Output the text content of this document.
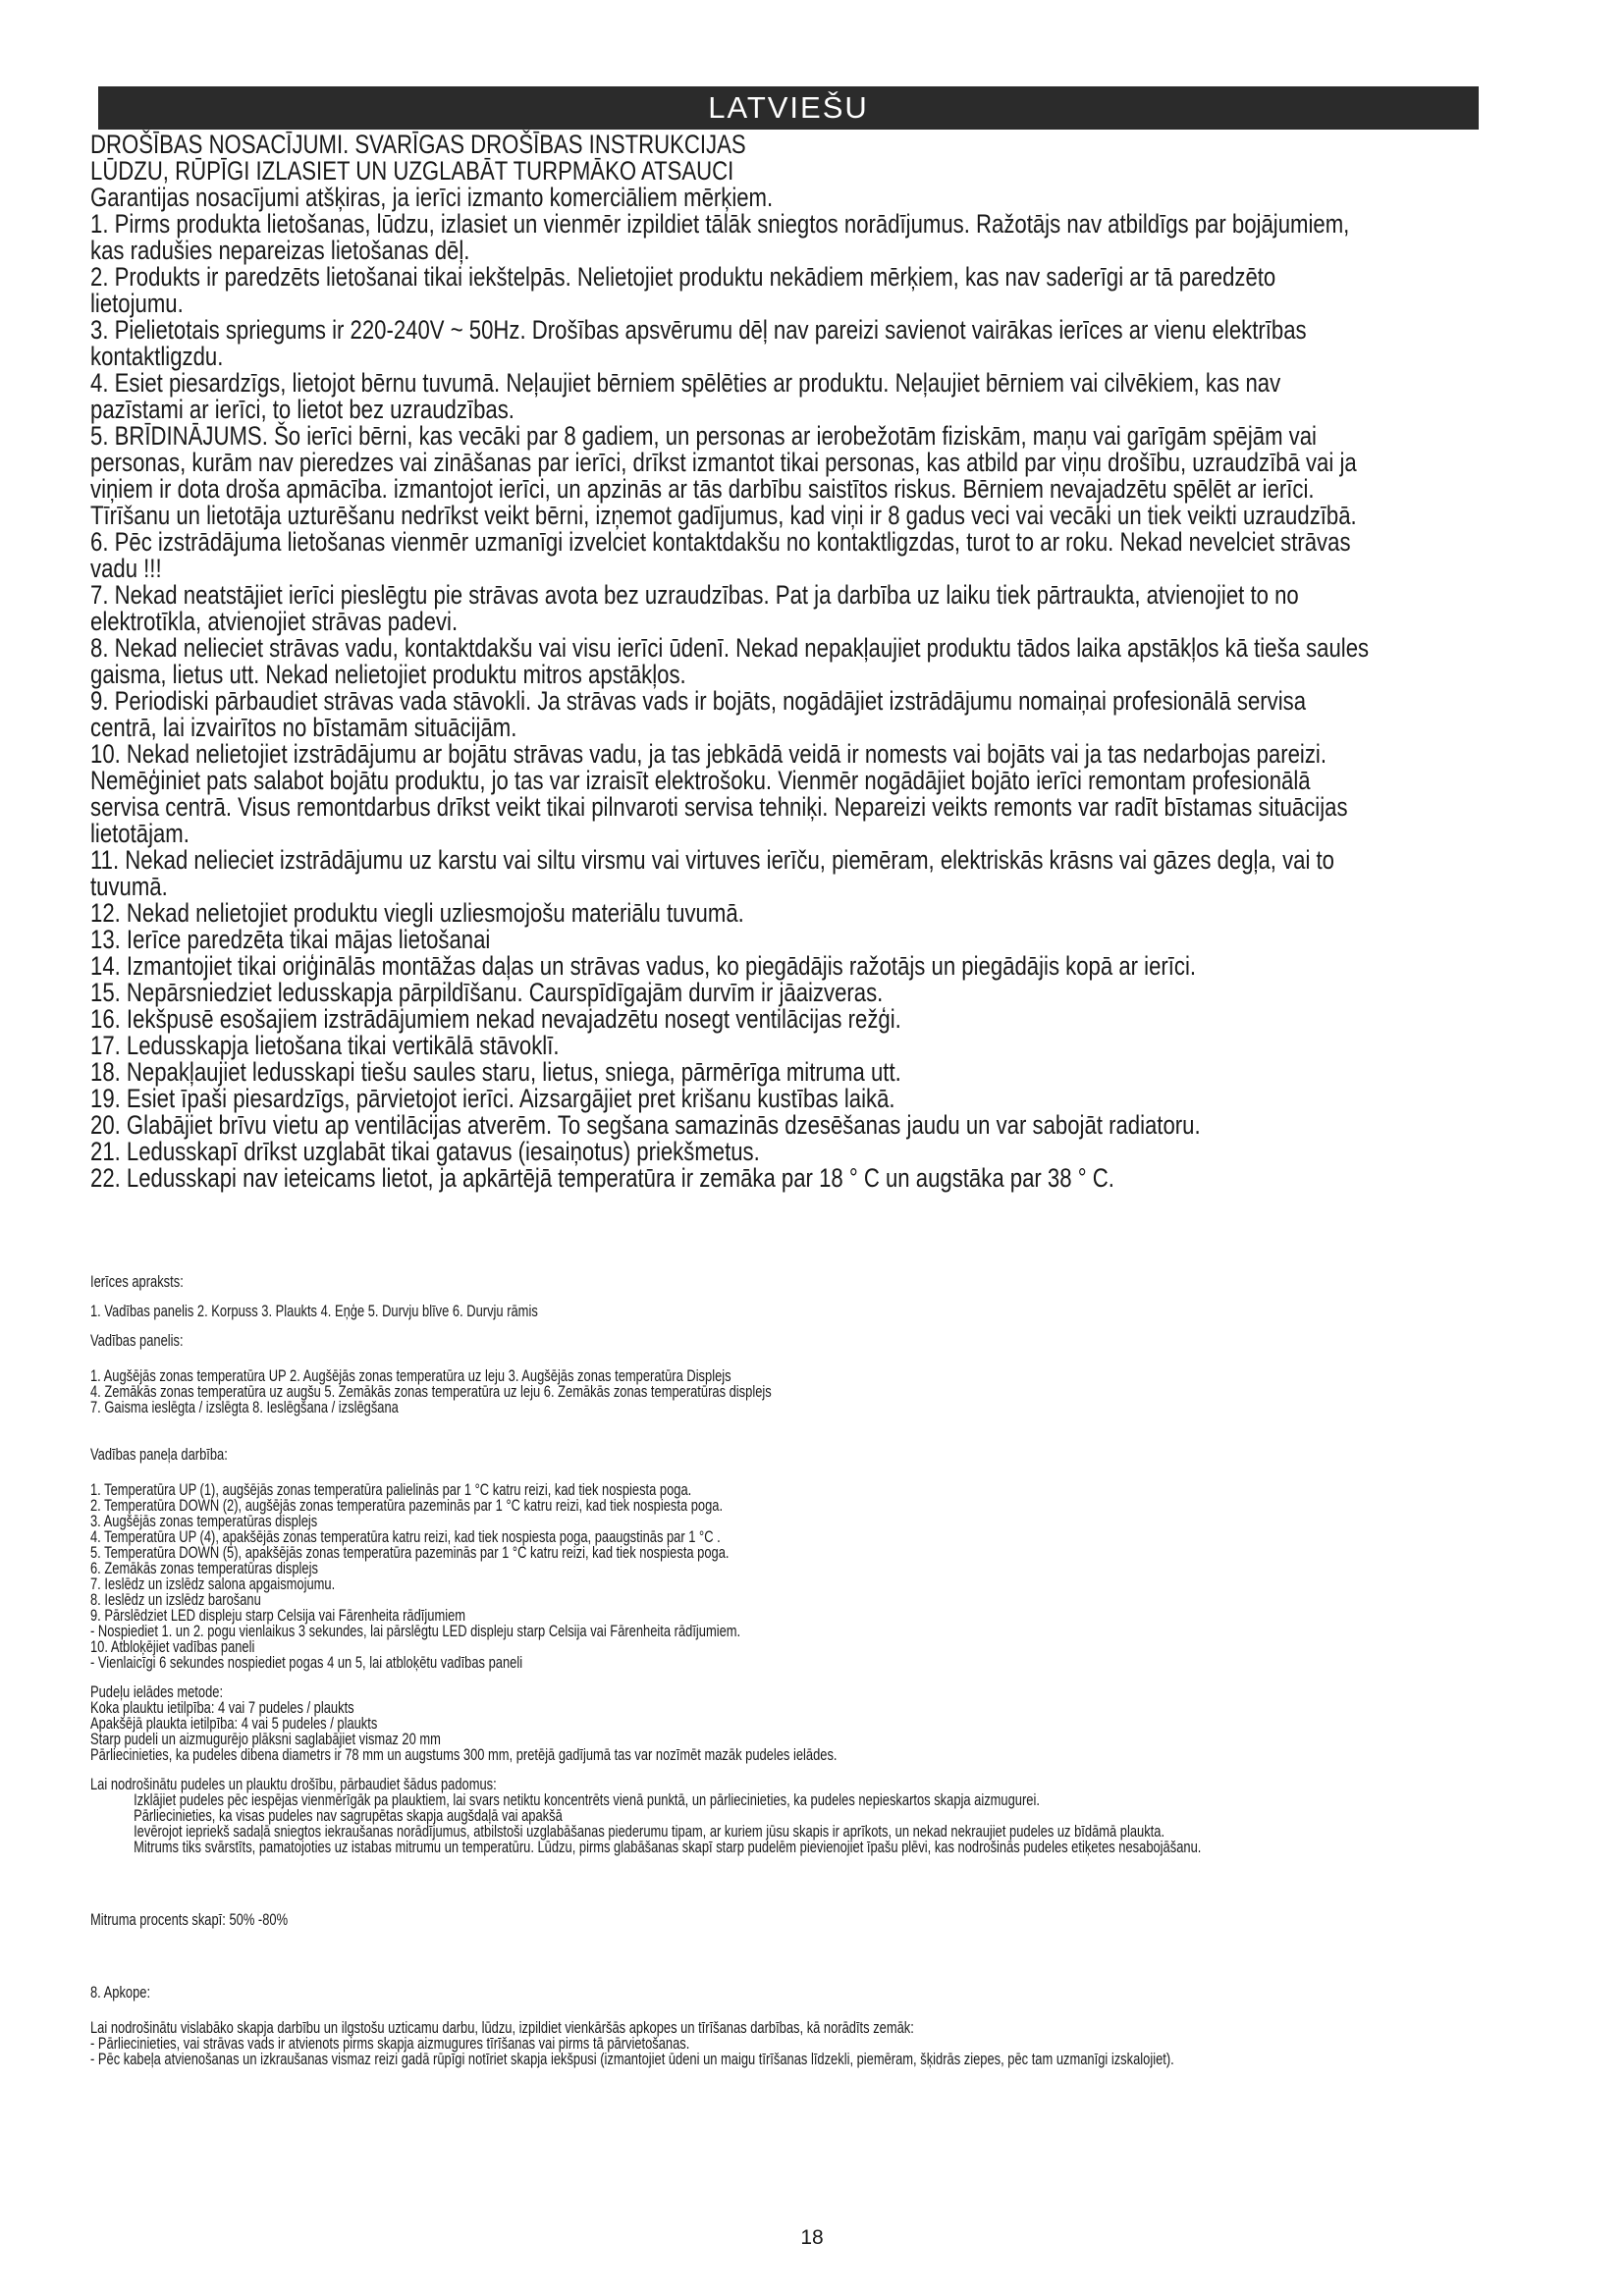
LATVIEŠU
DROŠĪBAS NOSACĪJUMI. SVARĪGAS DROŠĪBAS INSTRUKCIJAS
LŪDZU, RŪPĪGI IZLASIET UN UZGLABĀT TURPMĀKO ATSAUCI
Garantijas nosacījumi atšķiras, ja ierīci izmanto komerciāliem mērķiem.
1. Pirms produkta lietošanas, lūdzu, izlasiet un vienmēr izpildiet tālāk sniegtos norādījumus. Ražotājs nav atbildīgs par bojājumiem,
kas radušies nepareizas lietošanas dēļ.
2. Produkts ir paredzēts lietošanai tikai iekštelpās. Nelietojiet produktu nekādiem mērķiem, kas nav saderīgi ar tā paredzēto
lietojumu.
3. Pielietotais spriegums ir 220-240V ~ 50Hz. Drošības apsvērumu dēļ nav pareizi savienot vairākas ierīces ar vienu elektrības
kontaktligzdu.
4. Esiet piesardzīgs, lietojot bērnu tuvumā. Neļaujiet bērniem spēlēties ar produktu. Neļaujiet bērniem vai cilvēkiem, kas nav
pazīstami ar ierīci, to lietot bez uzraudzības.
5. BRĪDINĀJUMS. Šo ierīci bērni, kas vecāki par 8 gadiem, un personas ar ierobežotām fiziskām, maņu vai garīgām spējām vai
personas, kurām nav pieredzes vai zināšanas par ierīci, drīkst izmantot tikai personas, kas atbild par viņu drošību, uzraudzībā vai ja
viņiem ir dota droša apmācība. izmantojot ierīci, un apzinās ar tās darbību saistītos riskus. Bērniem nevajadzētu spēlēt ar ierīci.
Tīrīšanu un lietotāja uzturēšanu nedrīkst veikt bērni, izņemot gadījumus, kad viņi ir 8 gadus veci vai vecāki un tiek veikti uzraudzībā.
6. Pēc izstrādājuma lietošanas vienmēr uzmanīgi izvelciet kontaktdakšu no kontaktligzdas, turot to ar roku. Nekad nevelciet strāvas
vadu !!!
7. Nekad neatstājiet ierīci pieslēgtu pie strāvas avota bez uzraudzības. Pat ja darbība uz laiku tiek pārtraukta, atvienojiet to no
elektrotīkla, atvienojiet strāvas padevi.
8. Nekad nelieciet strāvas vadu, kontaktdakšu vai visu ierīci ūdenī. Nekad nepakļaujiet produktu tādos laika apstākļos kā tieša saules
gaisma, lietus utt. Nekad nelietojiet produktu mitros apstākļos.
9. Periodiski pārbaudiet strāvas vada stāvokli. Ja strāvas vads ir bojāts, nogādājiet izstrādājumu nomaiņai profesionālā servisa
centrā, lai izvairītos no bīstamām situācijām.
10. Nekad nelietojiet izstrādājumu ar bojātu strāvas vadu, ja tas jebkādā veidā ir nomests vai bojāts vai ja tas nedarbojas pareizi.
Nemēģiniet pats salabot bojātu produktu, jo tas var izraisīt elektrošoku. Vienmēr nogādājiet bojāto ierīci remontam profesionālā
servisa centrā. Visus remontdarbus drīkst veikt tikai pilnvaroti servisa tehniķi. Nepareizi veikts remonts var radīt bīstamas situācijas
lietotājam.
11. Nekad nelieciet izstrādājumu uz karstu vai siltu virsmu vai virtuves ierīču, piemēram, elektriskās krāsns vai gāzes degļa, vai to
tuvumā.
12. Nekad nelietojiet produktu viegli uzliesmojošu materiālu tuvumā.
13. Ierīce paredzēta tikai mājas lietošanai
14. Izmantojiet tikai oriģinālās montāžas daļas un strāvas vadus, ko piegādājis ražotājs un piegādājis kopā ar ierīci.
15. Nepārsniedziet ledusskapja pārpildīšanu. Caurspīdīgajām durvīm ir jāaizveras.
16. Iekšpusē esošajiem izstrādājumiem nekad nevajadzētu nosegt ventilācijas režģi.
17. Ledusskapja lietošana tikai vertikālā stāvoklī.
18. Nepakļaujiet ledusskapi tiešu saules staru, lietus, sniega, pārmērīga mitruma utt.
19. Esiet īpaši piesardzīgs, pārvietojot ierīci. Aizsargājiet pret krišanu kustības laikā.
20. Glabājiet brīvu vietu ap ventilācijas atverēm. To segšana samazinās dzesēšanas jaudu un var sabojāt radiatoru.
21. Ledusskapī drīkst uzglabāt tikai gatavus (iesaiņotus) priekšmetus.
22. Ledusskapi nav ieteicams lietot, ja apkārtējā temperatūra ir zemāka par 18 ° C un augstāka par 38 ° C.
Ierīces apraksts:
1. Vadības panelis 2. Korpuss 3. Plaukts 4. Eņģe 5. Durvju blīve 6. Durvju rāmis
Vadības panelis:
1. Augšējās zonas temperatūra UP 2. Augšējās zonas temperatūra uz leju 3. Augšējās zonas temperatūra Displejs
4. Zemākās zonas temperatūra uz augšu 5. Zemākās zonas temperatūra uz leju 6. Zemākās zonas temperatūras displejs
7. Gaisma ieslēgta / izslēgta 8. Ieslēgšana / izslēgšana
Vadības paneļa darbība:
1. Temperatūra UP (1), augšējās zonas temperatūra palielinās par 1 °C katru reizi, kad tiek nospiesta poga.
2. Temperatūra DOWN (2), augšējās zonas temperatūra pazeminās par 1 °C katru reizi, kad tiek nospiesta poga.
3. Augšējās zonas temperatūras displejs
4. Temperatūra UP (4), apakšējās zonas temperatūra katru reizi, kad tiek nospiesta poga, paaugstinās par 1 °C .
5. Temperatūra DOWN (5), apakšējās zonas temperatūra pazeminās par 1 °C katru reizi, kad tiek nospiesta poga.
6. Zemākās zonas temperatūras displejs
7. Ieslēdz un izslēdz salona apgaismojumu.
8. Ieslēdz un izslēdz barošanu
9. Pārslēdziet LED displeju starp Celsija vai Fārenheita rādījumiem
- Nospiediet 1. un 2. pogu vienlaikus 3 sekundes, lai pārslēgtu LED displeju starp Celsija vai Fārenheita rādījumiem.
10. Atbloķējiet vadības paneli
- Vienlaicīgi 6 sekundes nospiediet pogas 4 un 5, lai atbloķētu vadības paneli
Pudeļu ielādes metode:
Koka plauktu ietilpība: 4 vai 7 pudeles / plaukts
Apakšējā plaukta ietilpība: 4 vai 5 pudeles / plaukts
Starp pudeli un aizmugurējo plāksni saglabājiet vismaz 20 mm
Pārliecinieties, ka pudeles dibena diametrs ir 78 mm un augstums 300 mm, pretējā gadījumā tas var nozīmēt mazāk pudeles ielādes.
Lai nodrošinātu pudeles un plauktu drošību, pārbaudiet šādus padomus:
Izklājiet pudeles pēc iespējas vienmērīgāk pa plauktiem, lai svars netiktu koncentrēts vienā punktā, un pārliecinieties, ka pudeles nepieskartos skapja aizmugurei.
Pārliecinieties, ka visas pudeles nav sagrupētas skapja augšdaļā vai apakšā
Ievērojot iepriekš sadaļā sniegtos iekraušanas norādījumus, atbilstoši uzglabāšanas piederumu tipam, ar kuriem jūsu skapis ir aprīkots, un nekad nekraujiet pudeles uz bīdāmā plaukta.
Mitrums tiks svārstīts, pamatojoties uz istabas mitrumu un temperatūru. Lūdzu, pirms glabāšanas skapī starp pudelēm pievienojiet īpašu plēvi, kas nodrošinās pudeles etiķetes nesabojāšanu.
Mitruma procents skapī: 50% -80%
8. Apkope:
Lai nodrošinātu vislabāko skapja darbību un ilgstošu uzticamu darbu, lūdzu, izpildiet vienkāršās apkopes un tīrīšanas darbības, kā norādīts zemāk:
- Pārliecinieties, vai strāvas vads ir atvienots pirms skapja aizmugures tīrīšanas vai pirms tā pārvietošanas.
- Pēc kabeļa atvienošanas un izkraušanas vismaz reizi gadā rūpīgi notīriet skapja iekšpusi (izmantojiet ūdeni un maigu tīrīšanas līdzekli, piemēram, šķidrās ziepes, pēc tam uzmanīgi izskalojiet).
18
